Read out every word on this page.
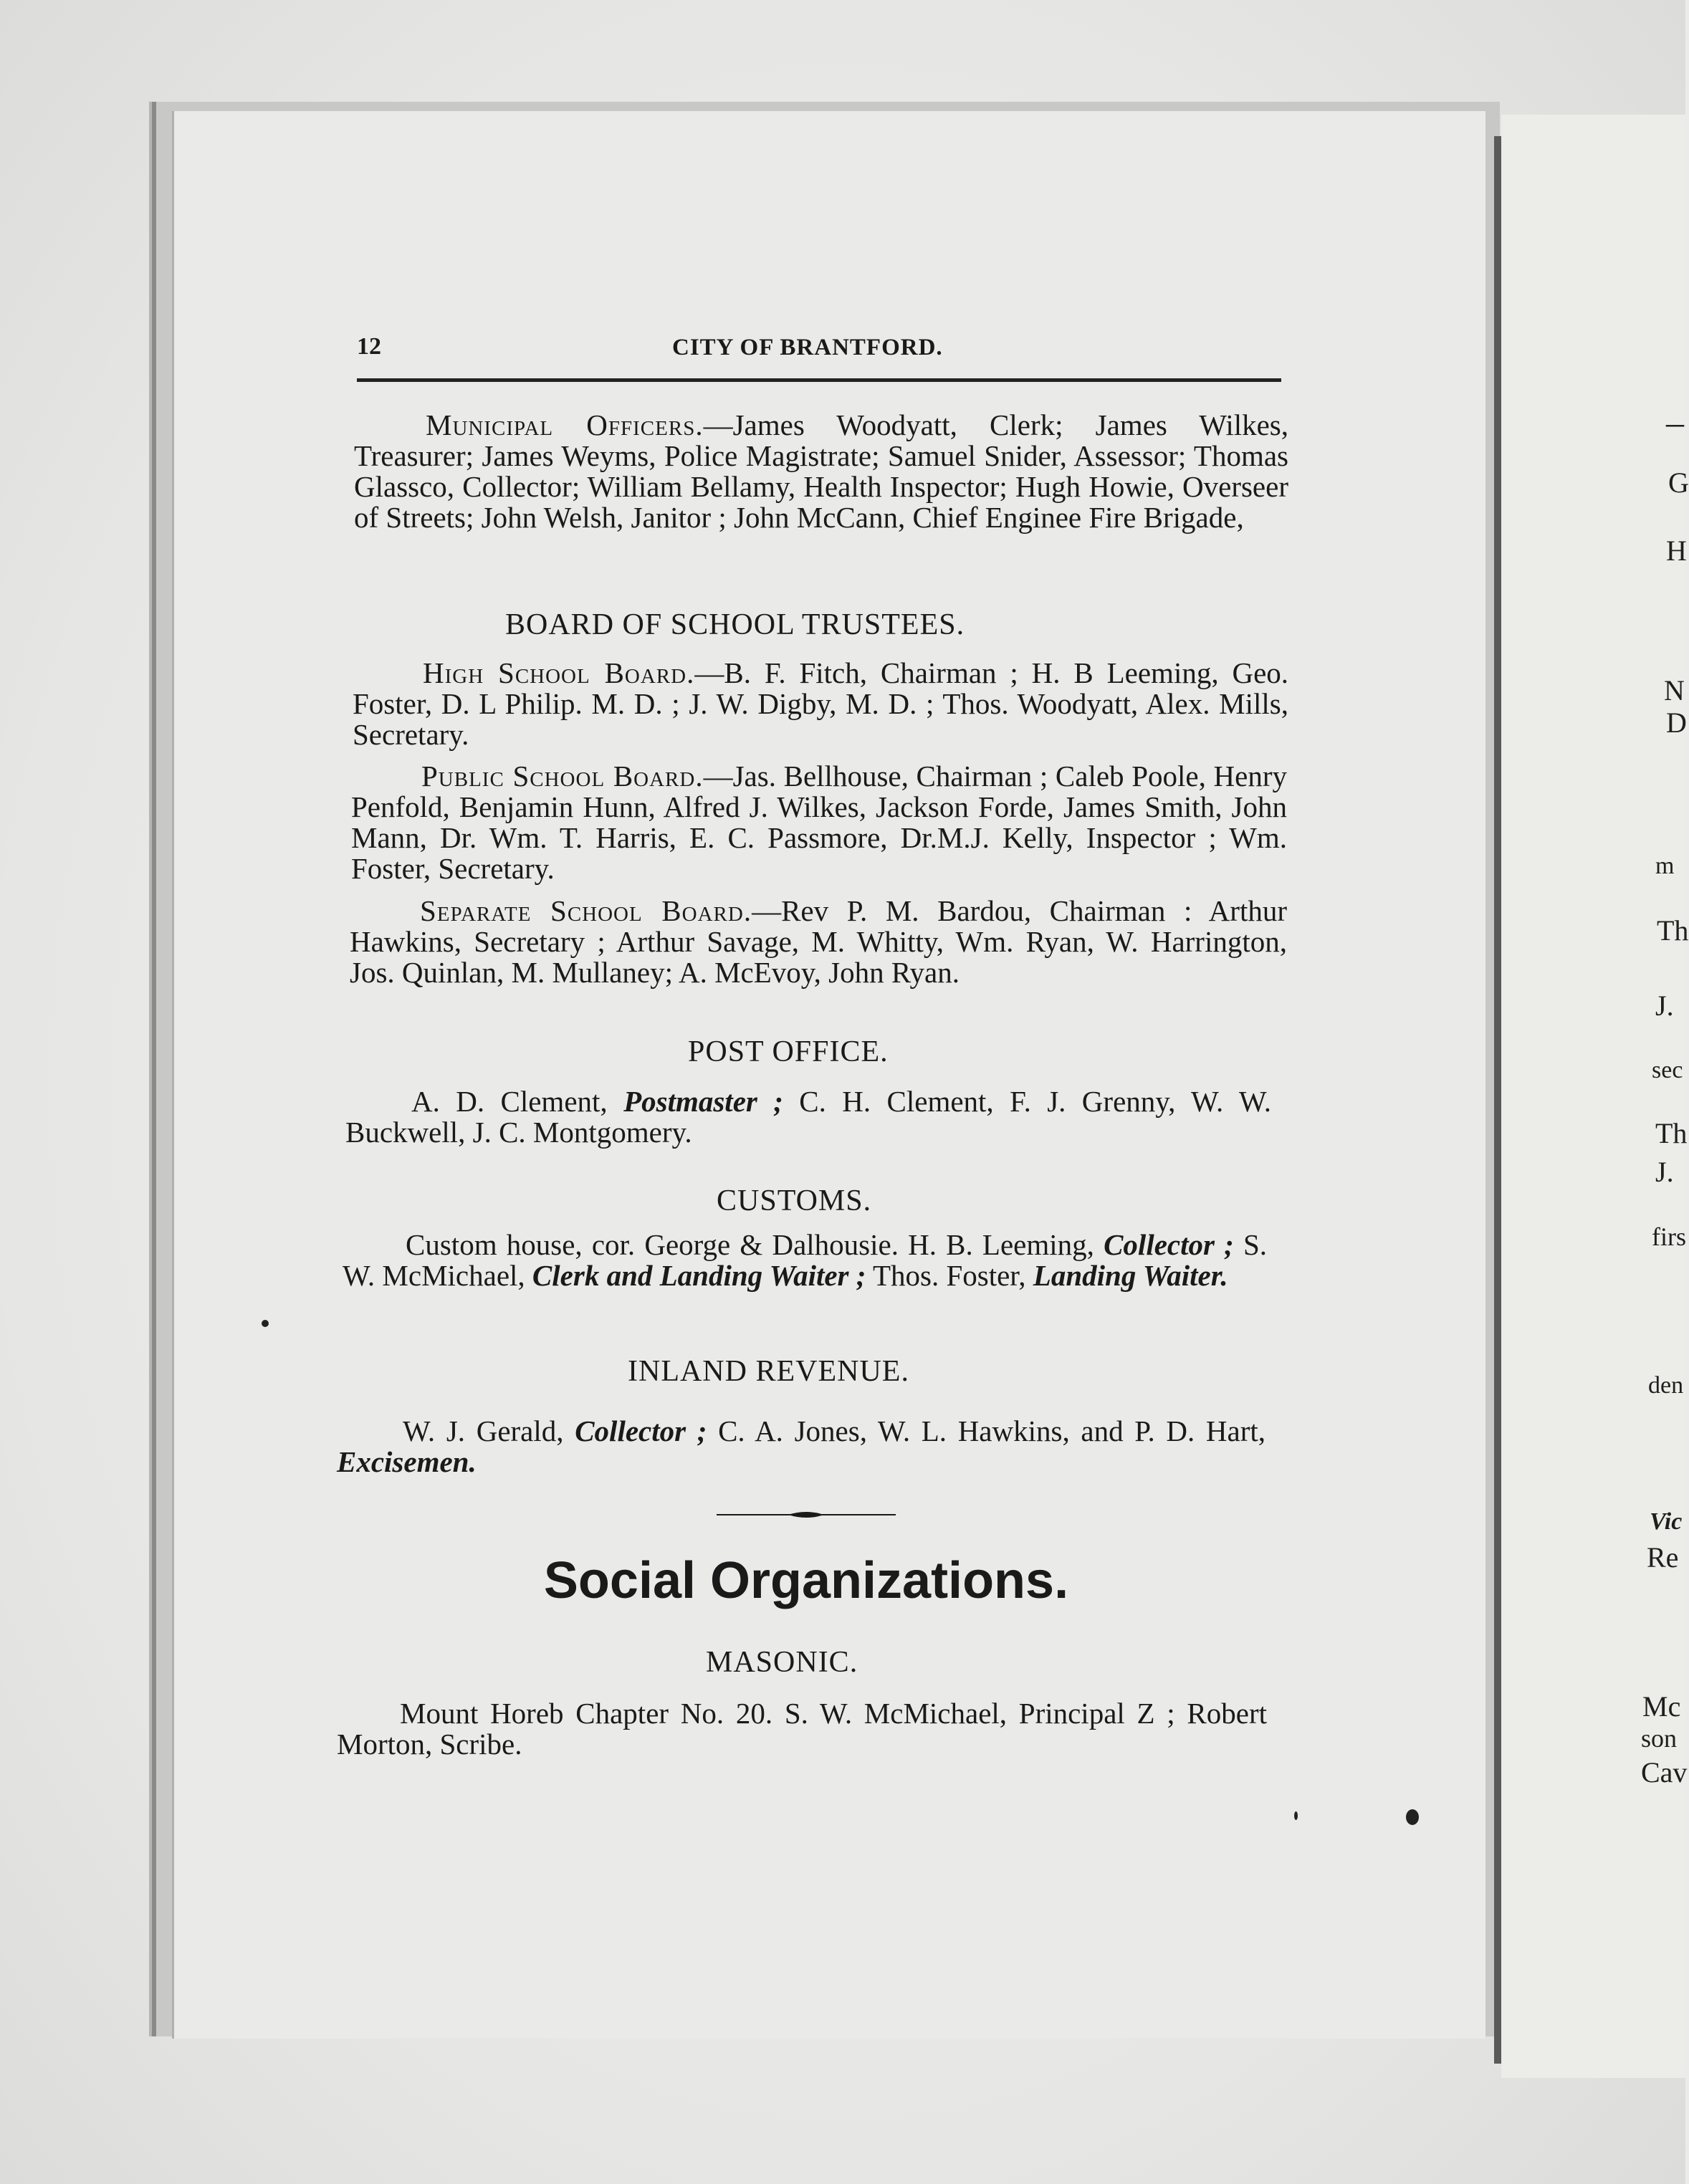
–
G
H
N
D
m
Th
J.
sec
Th
J.
firs
den
Vic
Re
Mc
son
Cav
12	CITY OF BRANTFORD.
Municipal Officers.—James Woodyatt, Clerk; James Wilkes, Treasurer; James Weyms, Police Magistrate; Samuel Snider, Assessor; Thomas Glassco, Collector; William Bellamy, Health Inspector; Hugh Howie, Overseer of Streets; John Welsh, Janitor ; John McCann, Chief Enginee Fire Brigade,
BOARD OF SCHOOL TRUSTEES.
High School Board.—B. F. Fitch, Chairman ; H. B Leeming, Geo. Foster, D. L Philip. M. D. ; J. W. Digby, M. D. ; Thos. Woodyatt, Alex. Mills, Secretary.
Public School Board.—Jas. Bellhouse, Chairman ; Caleb Poole, Henry Penfold, Benjamin Hunn, Alfred J. Wilkes, Jackson Forde, James Smith, John Mann, Dr. Wm. T. Harris, E. C. Passmore, Dr.M.J. Kelly, Inspector ; Wm. Foster, Secretary.
Separate School Board.—Rev P. M. Bardou, Chairman : Arthur Hawkins, Secretary ; Arthur Savage, M. Whitty, Wm. Ryan, W. Harrington, Jos. Quinlan, M. Mullaney; A. McEvoy, John Ryan.
POST OFFICE.
A. D. Clement, Postmaster ; C. H. Clement, F. J. Grenny, W. W. Buckwell, J. C. Montgomery.
CUSTOMS.
Custom house, cor. George & Dalhousie. H. B. Leeming, Collector ; S. W. McMichael, Clerk and Landing Waiter ; Thos. Foster, Landing Waiter.
INLAND REVENUE.
W. J. Gerald, Collector ; C. A. Jones, W. L. Hawkins, and P. D. Hart, Excisemen.
Social Organizations.
MASONIC.
Mount Horeb Chapter No. 20. S. W. McMichael, Principal Z ; Robert Morton, Scribe.
